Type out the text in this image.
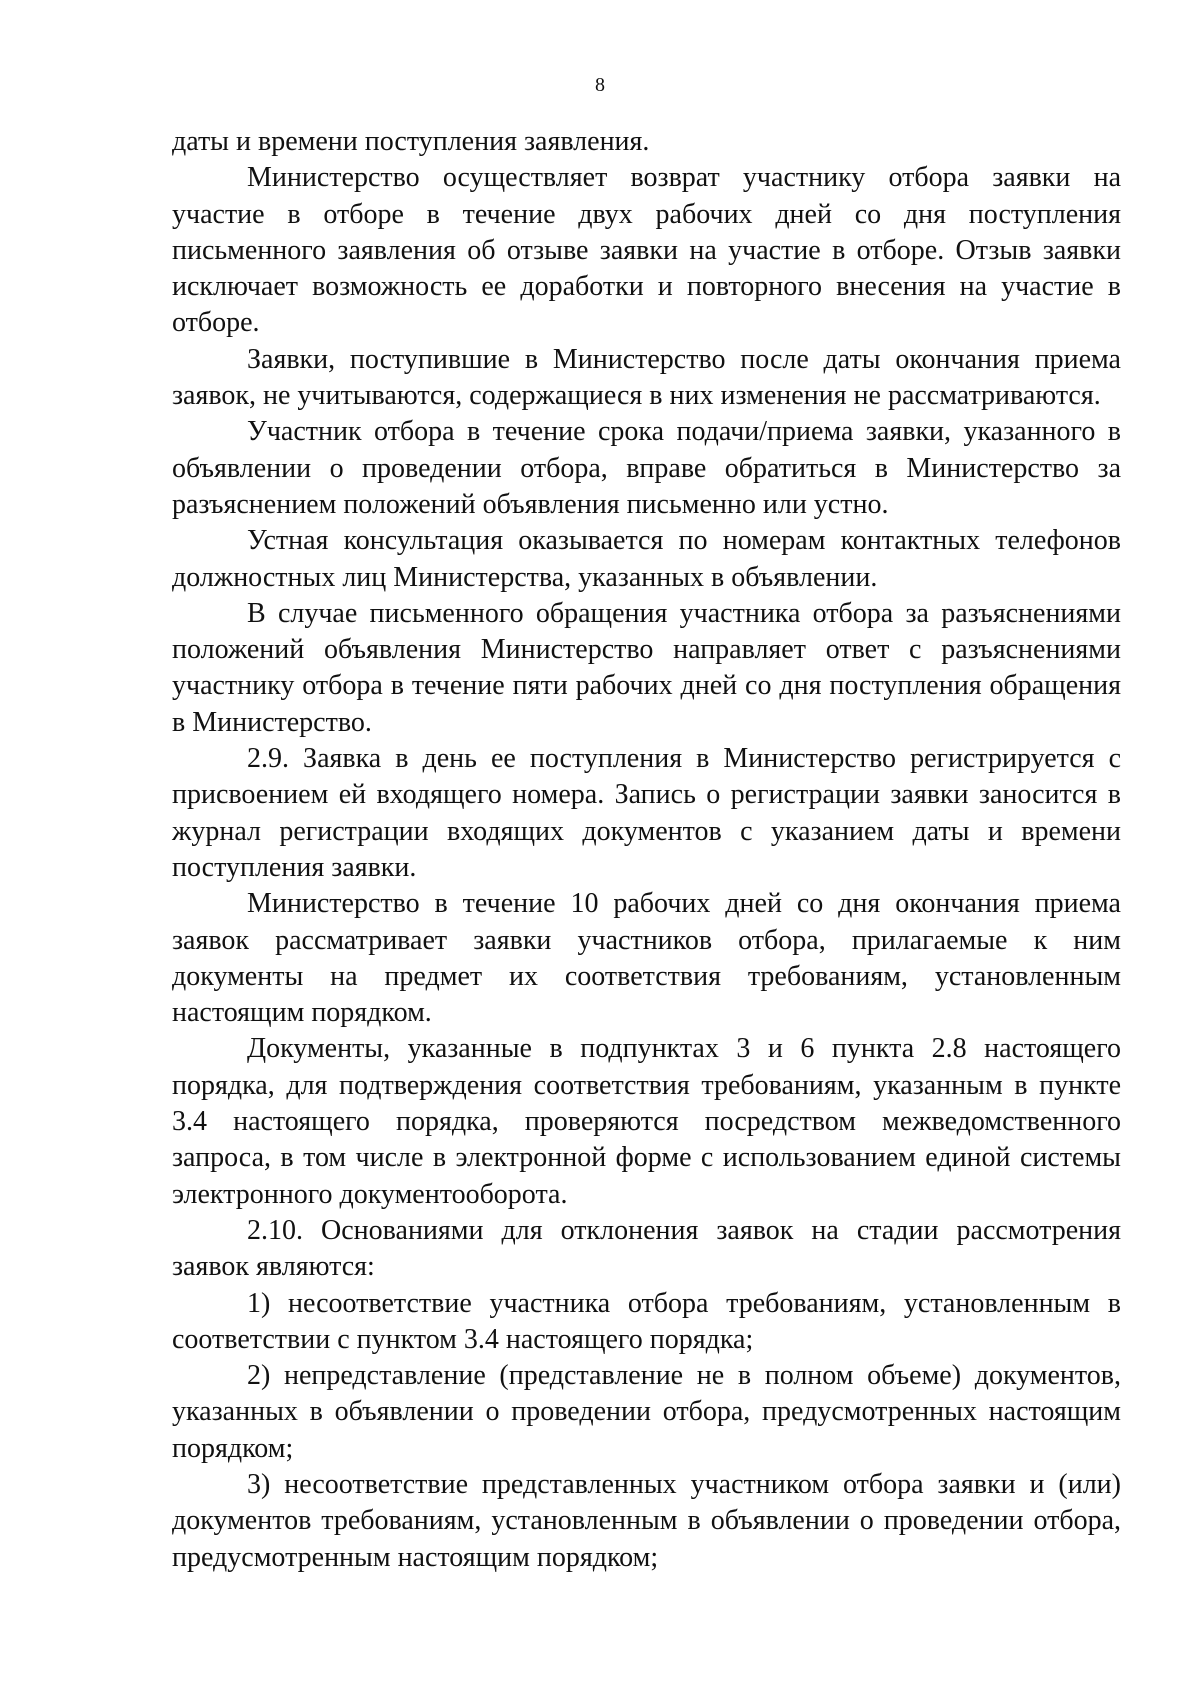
8

даты и времени поступления заявления.

Министерство осуществляет возврат участнику отбора заявки на участие в отборе в течение двух рабочих дней со дня поступления письменного заявления об отзыве заявки на участие в отборе. Отзыв заявки исключает возможность ее доработки и повторного внесения на участие в отборе.

Заявки, поступившие в Министерство после даты окончания приема заявок, не учитываются, содержащиеся в них изменения не рассматриваются.

Участник отбора в течение срока подачи/приема заявки, указанного в объявлении о проведении отбора, вправе обратиться в Министерство за разъяснением положений объявления письменно или устно.

Устная консультация оказывается по номерам контактных телефонов должностных лиц Министерства, указанных в объявлении.

В случае письменного обращения участника отбора за разъяснениями положений объявления Министерство направляет ответ с разъяснениями участнику отбора в течение пяти рабочих дней со дня поступления обращения в Министерство.

2.9. Заявка в день ее поступления в Министерство регистрируется с присвоением ей входящего номера. Запись о регистрации заявки заносится в журнал регистрации входящих документов с указанием даты и времени поступления заявки.

Министерство в течение 10 рабочих дней со дня окончания приема заявок рассматривает заявки участников отбора, прилагаемые к ним документы на предмет их соответствия требованиям, установленным настоящим порядком.

Документы, указанные в подпунктах 3 и 6 пункта 2.8 настоящего порядка, для подтверждения соответствия требованиям, указанным в пункте 3.4 настоящего порядка, проверяются посредством межведомственного запроса, в том числе в электронной форме с использованием единой системы электронного документооборота.

2.10. Основаниями для отклонения заявок на стадии рассмотрения заявок являются:

1) несоответствие участника отбора требованиям, установленным в соответствии с пунктом 3.4 настоящего порядка;

2) непредставление (представление не в полном объеме) документов, указанных в объявлении о проведении отбора, предусмотренных настоящим порядком;

3) несоответствие представленных участником отбора заявки и (или) документов требованиям, установленным в объявлении о проведении отбора, предусмотренным настоящим порядком;
